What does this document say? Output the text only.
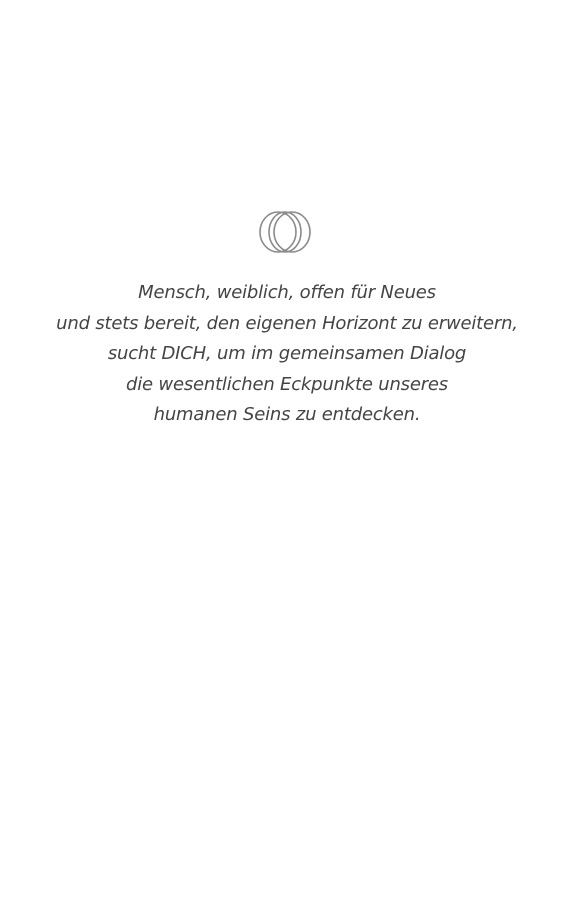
Mensch, weiblich, offen für Neues
und stets bereit, den eigenen Horizont zu erweitern,
sucht DICH, um im gemeinsamen Dialog
die wesentlichen Eckpunkte unseres
humanen Seins zu entdecken.
